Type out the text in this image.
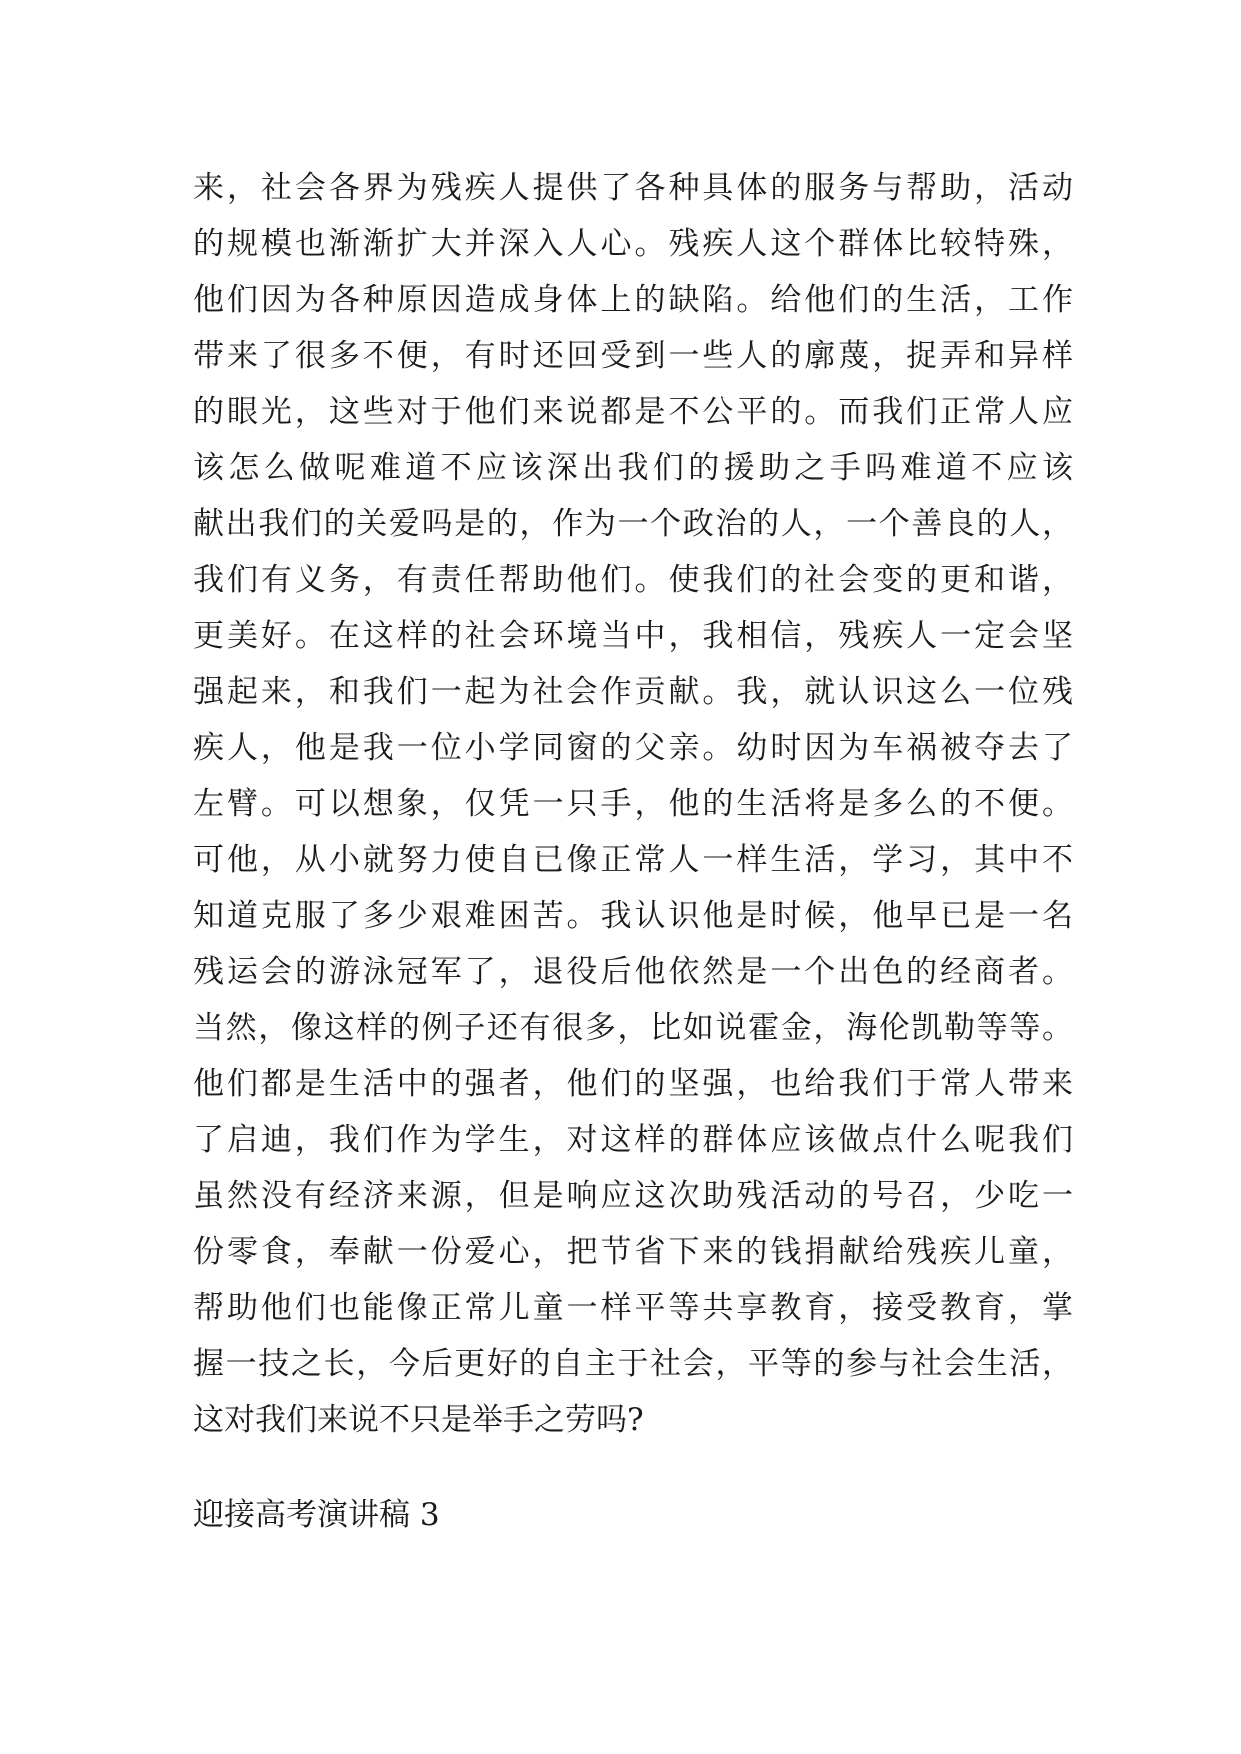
来，社会各界为残疾人提供了各种具体的服务与帮助，活动
的规模也渐渐扩大并深入人心。残疾人这个群体比较特殊，
他们因为各种原因造成身体上的缺陷。给他们的生活，工作
带来了很多不便，有时还回受到一些人的廓蔑，捉弄和异样
的眼光，这些对于他们来说都是不公平的。而我们正常人应
该怎么做呢难道不应该深出我们的援助之手吗难道不应该
献出我们的关爱吗是的，作为一个政治的人，一个善良的人，
我们有义务，有责任帮助他们。使我们的社会变的更和谐，
更美好。在这样的社会环境当中，我相信，残疾人一定会坚
强起来，和我们一起为社会作贡献。我，就认识这么一位残
疾人，他是我一位小学同窗的父亲。幼时因为车祸被夺去了
左臂。可以想象，仅凭一只手，他的生活将是多么的不便。
可他，从小就努力使自已像正常人一样生活，学习，其中不
知道克服了多少艰难困苦。我认识他是时候，他早已是一名
残运会的游泳冠军了，退役后他依然是一个出色的经商者。
当然，像这样的例子还有很多，比如说霍金，海伦凯勒等等。
他们都是生活中的强者，他们的坚强，也给我们于常人带来
了启迪，我们作为学生，对这样的群体应该做点什么呢我们
虽然没有经济来源，但是响应这次助残活动的号召，少吃一
份零食，奉献一份爱心，把节省下来的钱捐献给残疾儿童，
帮助他们也能像正常儿童一样平等共享教育，接受教育，掌
握一技之长，今后更好的自主于社会，平等的参与社会生活，
这对我们来说不只是举手之劳吗?
迎接高考演讲稿 3
